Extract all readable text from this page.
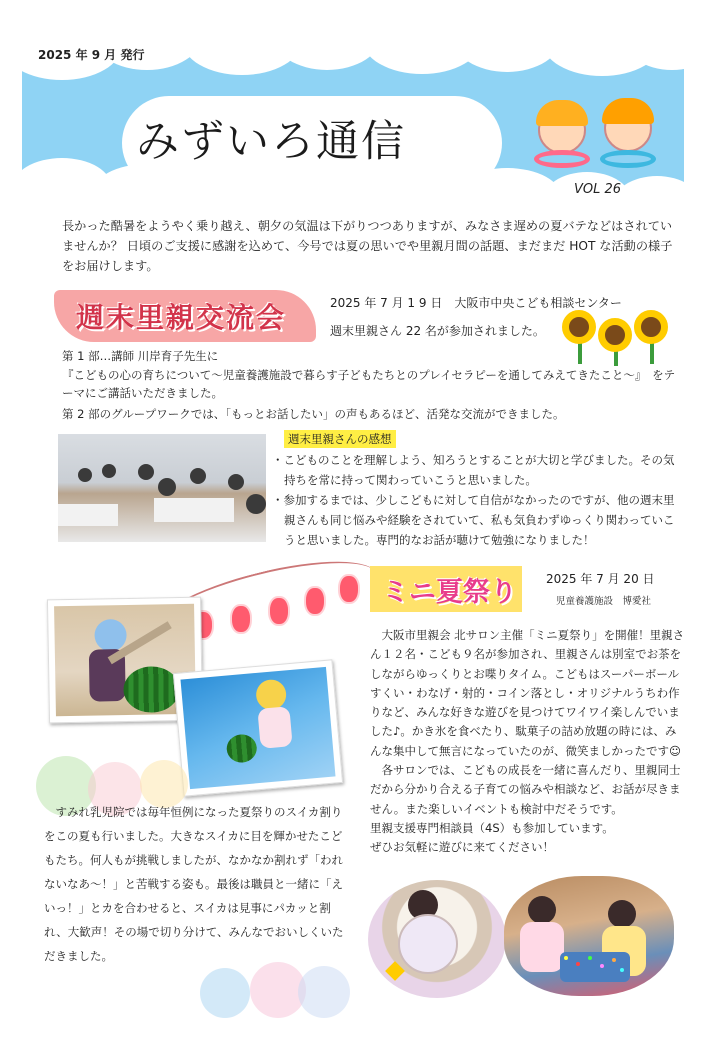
2025 年 9 月 発行
みずいろ通信
VOL 26
長かった酷暑をようやく乗り越え、朝夕の気温は下がりつつありますが、みなさま遅めの夏バテなどはされていませんか？ 日頃のご支援に感謝を込めて、今号では夏の思いでや里親月間の話題、まだまだ HOT な活動の様子をお届けします。
週末里親交流会	2025 年 7 月 1 9 日　大阪市中央こども相談センター
週末里親さん 22 名が参加されました。
第 1 部…講師 川岸育子先生に
『こどもの心の育ちについて～児童養護施設で暮らす子どもたちとのプレイセラピーを通してみえてきたこと～』　をテーマにご講話いただきました。
第 2 部のグループワークでは、「もっとお話したい」の声もあるほど、活発な交流ができました。
週末里親さんの感想

・こどものことを理解しよう、知ろうとすることが大切と学びました。その気持ちを常に持って関わっていこうと思いました。

・参加するまでは、少しこどもに対して自信がなかったのですが、他の週末里親さんも同じ悩みや経験をされていて、私も気負わずゆっくり関わっていこうと思いました。専門的なお話が聴けて勉強になりました！

ミニ夏祭り 2025 年 7 月 20 日
児童養護施設　博愛社
すみれ乳児院では毎年恒例になった夏祭りのスイカ割りをこの夏も行いました。大きなスイカに目を輝かせたこどもたち。何人もが挑戦しましたが、なかなか割れず「われないなあ～！」と苦戦する姿も。最後は職員と一緒に「えいっ！」とカを合わせると、スイカは見事にパカッと割れ、大歓声！その場で切り分けて、みんなでおいしくいただきました。

大阪市里親会 北サロン主催「ミニ夏祭り」を開催！里親さん１２名・こども９名が参加され、里親さんは別室でお茶をしながらゆっくりとお喋りタイム。こどもはスーパーボールすくい・わなげ・射的・コイン落とし・オリジナルうちわ作りなど、みんな好きな遊びを見つけてワイワイ楽しんでいました♪。かき氷を食べたり、駄菓子の詰め放題の時には、みんな集中して無言になっていたのが、微笑ましかったです☺

各サロンでは、こどもの成長を一緒に喜んだり、里親同士だから分かり合える子育ての悩みや相談など、お話が尽きません。また楽しいイベントも検討中だそうです。

里親支援専門相談員（4S）も参加しています。

ぜひお気軽に遊びに来てください！
